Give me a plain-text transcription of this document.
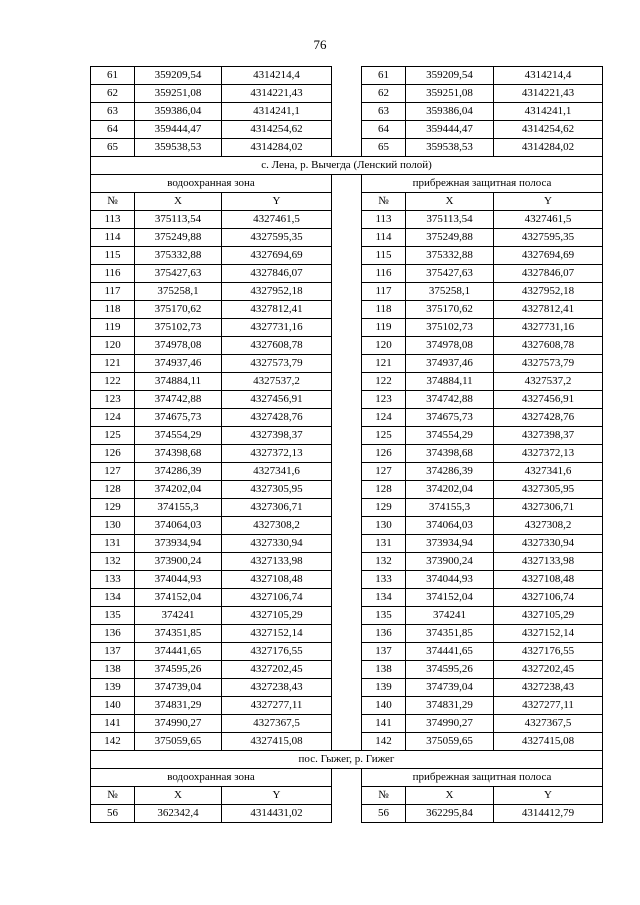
76
61	359209,54	4314214,4		61	359209,54	4314214,4
62	359251,08	4314221,43		62	359251,08	4314221,43
63	359386,04	4314241,1		63	359386,04	4314241,1
64	359444,47	4314254,62		64	359444,47	4314254,62
65	359538,53	4314284,02		65	359538,53	4314284,02
с. Лена, р. Вычегда (Ленский полой)						
водоохранная зона				прибрежная защитная полоса		
№	X	Y		№	X	Y
113	375113,54	4327461,5		113	375113,54	4327461,5
114	375249,88	4327595,35		114	375249,88	4327595,35
115	375332,88	4327694,69		115	375332,88	4327694,69
116	375427,63	4327846,07		116	375427,63	4327846,07
117	375258,1	4327952,18		117	375258,1	4327952,18
118	375170,62	4327812,41		118	375170,62	4327812,41
119	375102,73	4327731,16		119	375102,73	4327731,16
120	374978,08	4327608,78		120	374978,08	4327608,78
121	374937,46	4327573,79		121	374937,46	4327573,79
122	374884,11	4327537,2		122	374884,11	4327537,2
123	374742,88	4327456,91		123	374742,88	4327456,91
124	374675,73	4327428,76		124	374675,73	4327428,76
125	374554,29	4327398,37		125	374554,29	4327398,37
126	374398,68	4327372,13		126	374398,68	4327372,13
127	374286,39	4327341,6		127	374286,39	4327341,6
128	374202,04	4327305,95		128	374202,04	4327305,95
129	374155,3	4327306,71		129	374155,3	4327306,71
130	374064,03	4327308,2		130	374064,03	4327308,2
131	373934,94	4327330,94		131	373934,94	4327330,94
132	373900,24	4327133,98		132	373900,24	4327133,98
133	374044,93	4327108,48		133	374044,93	4327108,48
134	374152,04	4327106,74		134	374152,04	4327106,74
135	374241	4327105,29		135	374241	4327105,29
136	374351,85	4327152,14		136	374351,85	4327152,14
137	374441,65	4327176,55		137	374441,65	4327176,55
138	374595,26	4327202,45		138	374595,26	4327202,45
139	374739,04	4327238,43		139	374739,04	4327238,43
140	374831,29	4327277,11		140	374831,29	4327277,11
141	374990,27	4327367,5		141	374990,27	4327367,5
142	375059,65	4327415,08		142	375059,65	4327415,08
пос. Гыжег, р. Гижег						
водоохранная зона				прибрежная защитная полоса		
№	X	Y		№	X	Y
56	362342,4	4314431,02		56	362295,84	4314412,79
